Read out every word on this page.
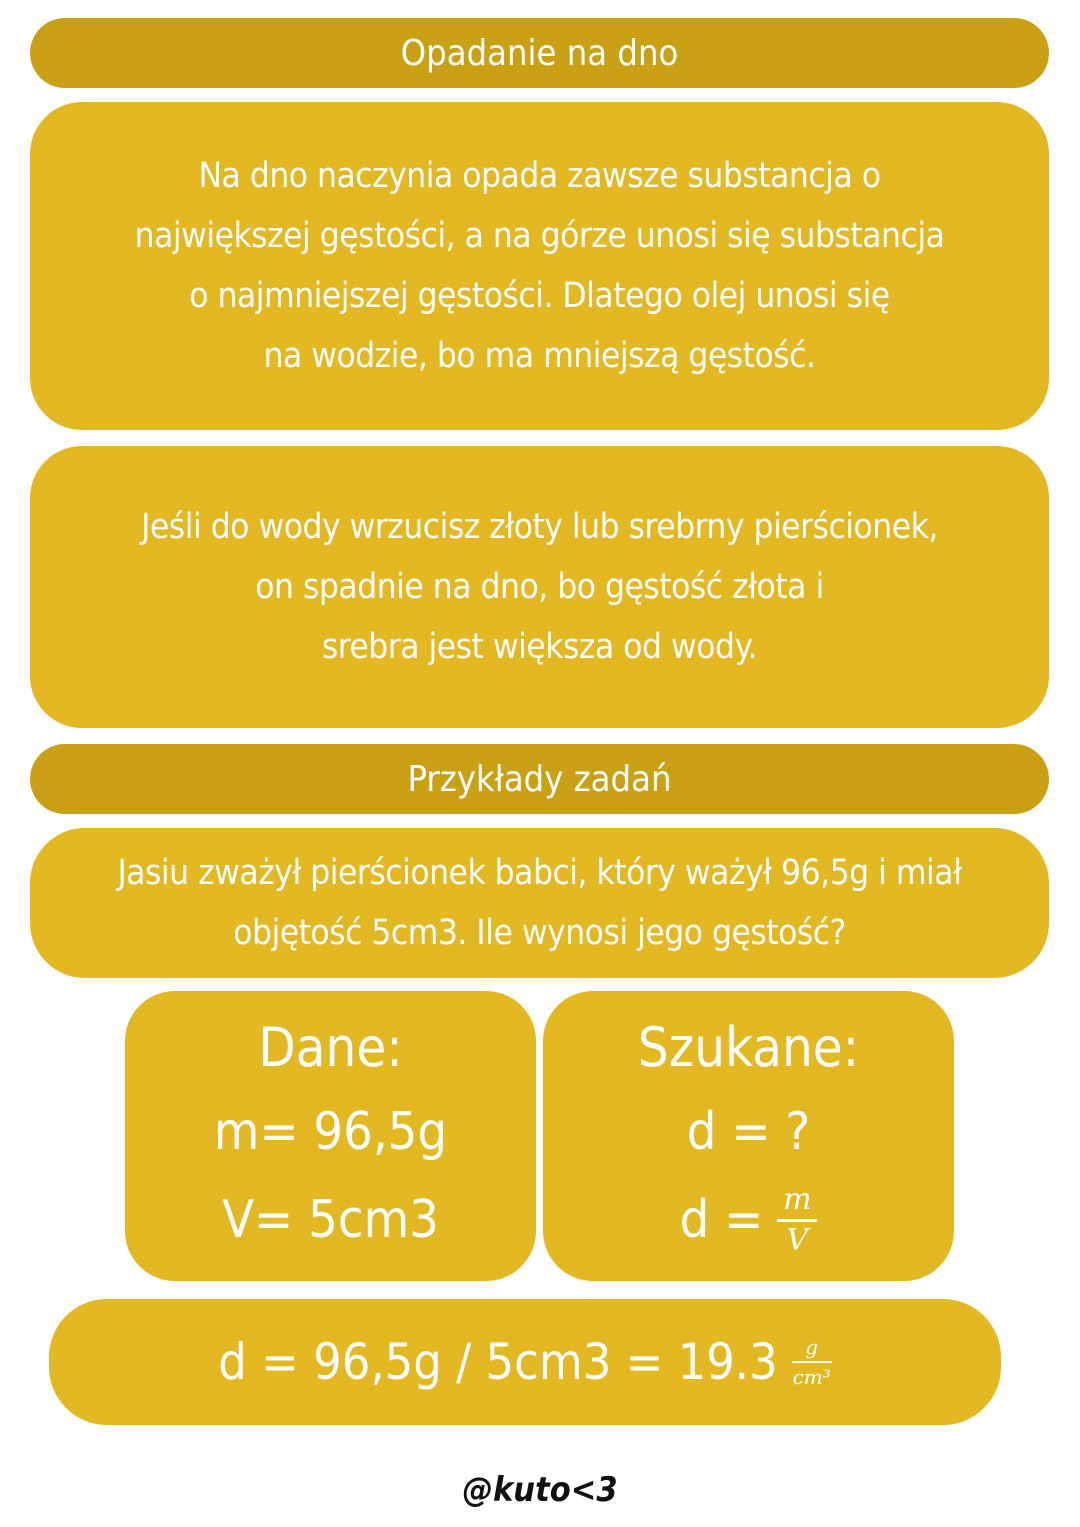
Opadanie na dno
Na dno naczynia opada zawsze substancja o
największej gęstości, a na górze unosi się substancja
o najmniejszej gęstości. Dlatego olej unosi się
na wodzie, bo ma mniejszą gęstość.
Jeśli do wody wrzucisz złoty lub srebrny pierścionek,
on spadnie na dno, bo gęstość złota i
srebra jest większa od wody.
Przykłady zadań
Jasiu zważył pierścionek babci, który ważył 96,5g i miał
objętość 5cm3. Ile wynosi jego gęstość?
Dane:
m= 96,5g
V= 5cm3
Szukane:
d = ?
$d = \frac{m}{V}$
$d = 96,5g / 5cm3 = 19.3 \frac{g}{\text{cm³}}$
@kuto<3
